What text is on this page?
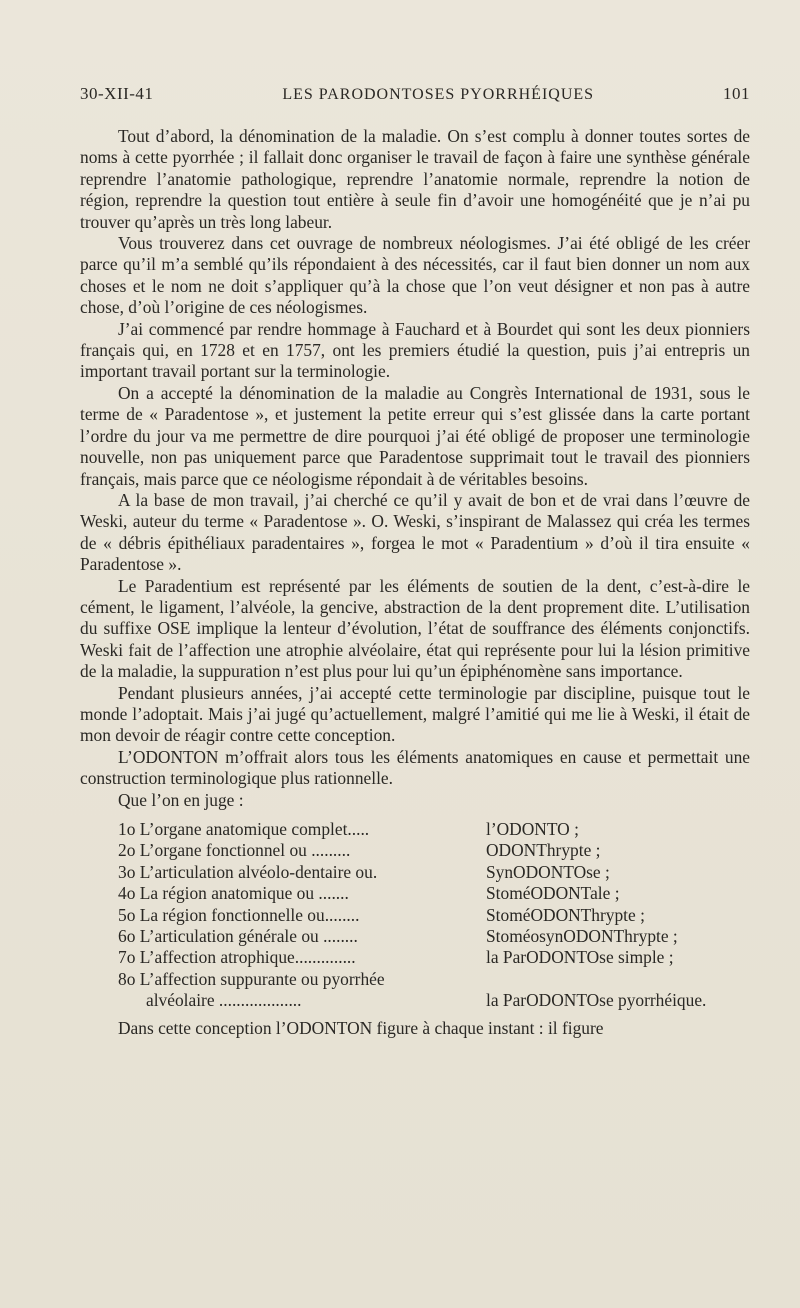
30-XII-41	LES PARODONTOSES PYORRHÉIQUES	101

Tout d’abord, la dénomination de la maladie. On s’est complu à donner toutes sortes de noms à cette pyorrhée ; il fallait donc organiser le travail de façon à faire une synthèse générale reprendre l’anatomie pathologique, reprendre l’anatomie normale, reprendre la notion de région, reprendre la question tout entière à seule fin d’avoir une homogénéité que je n’ai pu trouver qu’après un très long labeur.

Vous trouverez dans cet ouvrage de nombreux néologismes. J’ai été obligé de les créer parce qu’il m’a semblé qu’ils répondaient à des nécessités, car il faut bien donner un nom aux choses et le nom ne doit s’appliquer qu’à la chose que l’on veut désigner et non pas à autre chose, d’où l’origine de ces néologismes.

J’ai commencé par rendre hommage à Fauchard et à Bourdet qui sont les deux pionniers français qui, en 1728 et en 1757, ont les premiers étudié la question, puis j’ai entrepris un important travail portant sur la terminologie.

On a accepté la dénomination de la maladie au Congrès International de 1931, sous le terme de « Paradentose », et justement la petite erreur qui s’est glissée dans la carte portant l’ordre du jour va me permettre de dire pourquoi j’ai été obligé de proposer une terminologie nouvelle, non pas uniquement parce que Paradentose supprimait tout le travail des pionniers français, mais parce que ce néologisme répondait à de véritables besoins.

A la base de mon travail, j’ai cherché ce qu’il y avait de bon et de vrai dans l’œuvre de Weski, auteur du terme « Paradentose ». O. Weski, s’inspirant de Malassez qui créa les termes de « débris épithéliaux paradentaires », forgea le mot « Paradentium » d’où il tira ensuite « Paradentose ».

Le Paradentium est représenté par les éléments de soutien de la dent, c’est-à-dire le cément, le ligament, l’alvéole, la gencive, abstraction de la dent proprement dite. L’utilisation du suffixe OSE implique la lenteur d’évolution, l’état de souffrance des éléments conjonctifs. Weski fait de l’affection une atrophie alvéolaire, état qui représente pour lui la lésion primitive de la maladie, la suppuration n’est plus pour lui qu’un épiphénomène sans importance.

Pendant plusieurs années, j’ai accepté cette terminologie par discipline, puisque tout le monde l’adoptait. Mais j’ai jugé qu’actuellement, malgré l’amitié qui me lie à Weski, il était de mon devoir de réagir contre cette conception.

L’ODONTON m’offrait alors tous les éléments anatomiques en cause et permettait une construction terminologique plus rationnelle.

Que l’on en juge :

1o L’organe anatomique complet.....	l’ODONTO ;
2o L’organe fonctionnel ou .........	ODONThrypte ;
3o L’articulation alvéolo-dentaire ou.	SynODONTOse ;
4o La région anatomique ou .......	StoméODONTale ;
5o La région fonctionnelle ou........	StoméODONThrypte ;
6o L’articulation générale ou ........	StoméosynODONThrypte ;
7o L’affection atrophique..............	la ParODONTOse simple ;
8o L’affection suppurante ou pyorrhée
alvéolaire ...................	la ParODONTOse pyorrhéique.

Dans cette conception l’ODONTON figure à chaque instant : il figure
